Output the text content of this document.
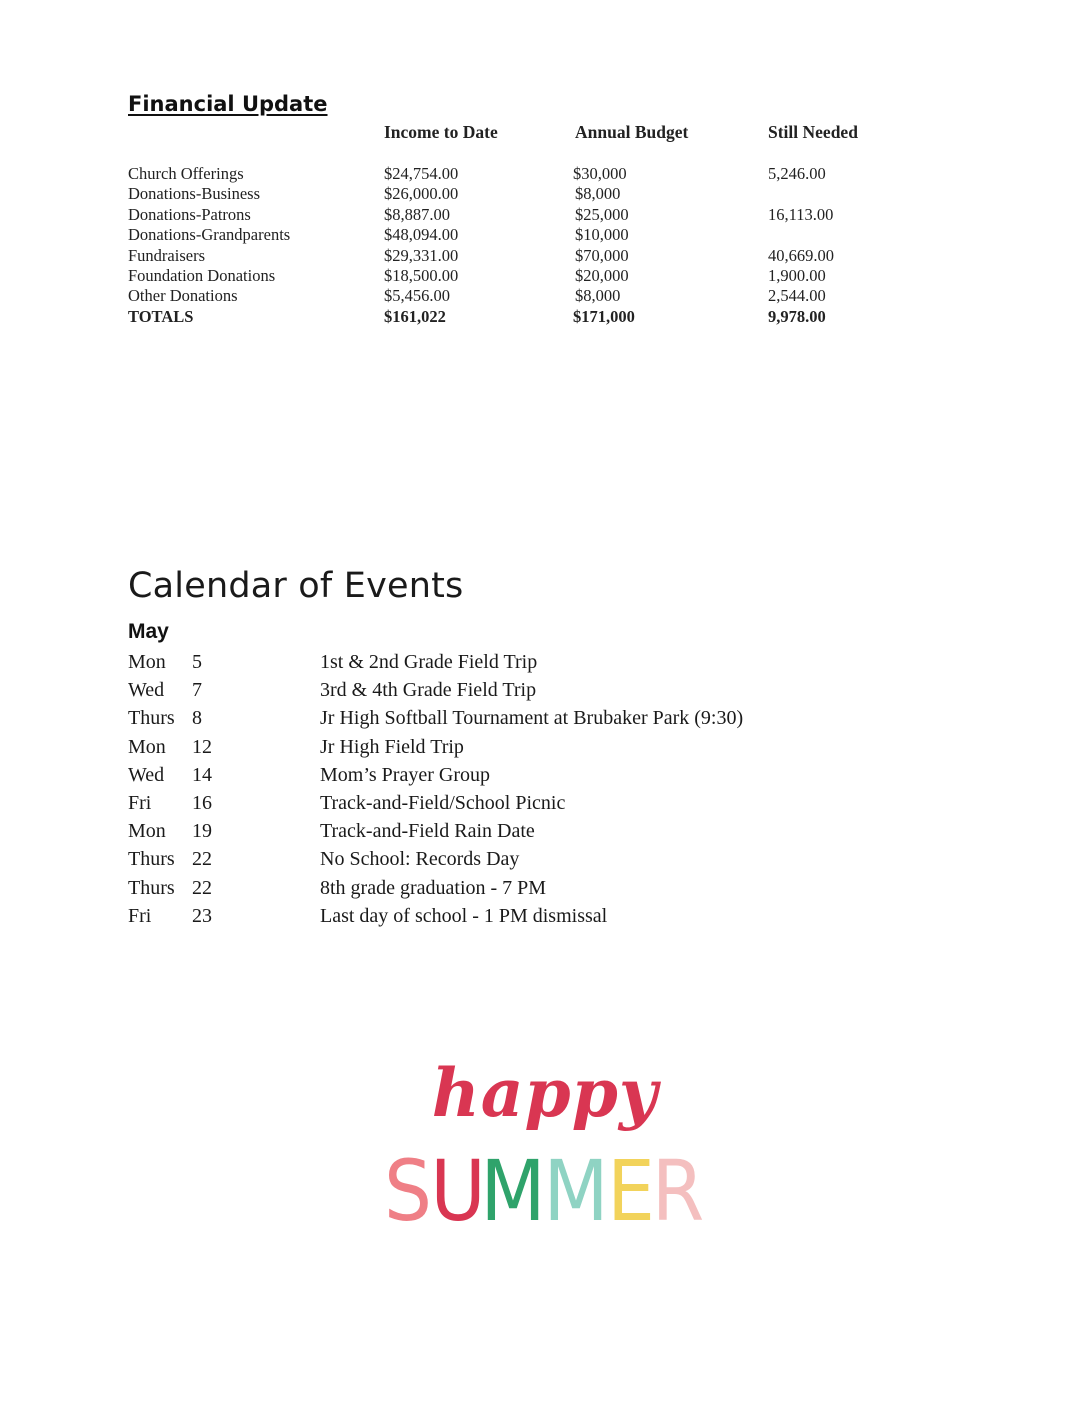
Financial Update
Income to Date	Annual Budget	Still Needed
Church Offerings	$24,754.00	$30,000	5,246.00
Donations-Business	$26,000.00	$8,000
Donations-Patrons	$8,887.00	$25,000	16,113.00
Donations-Grandparents	$48,094.00	$10,000
Fundraisers	$29,331.00	$70,000	40,669.00
Foundation Donations	$18,500.00	$20,000	1,900.00
Other Donations	$5,456.00	$8,000	2,544.00
TOTALS	$161,022	$171,000	9,978.00
Calendar of Events
May
Mon 5	1st & 2nd Grade Field Trip
Wed 7	3rd & 4th Grade Field Trip
Thurs 8	Jr High Softball Tournament at Brubaker Park (9:30)
Mon 12	Jr High Field Trip
Wed 14	Mom’s Prayer Group
Fri 16	Track-and-Field/School Picnic
Mon 19	Track-and-Field Rain Date
Thurs 22	No School: Records Day
Thurs 22	8th grade graduation - 7 PM
Fri 23	Last day of school - 1 PM dismissal
happy
S
U
M
M
E
R
